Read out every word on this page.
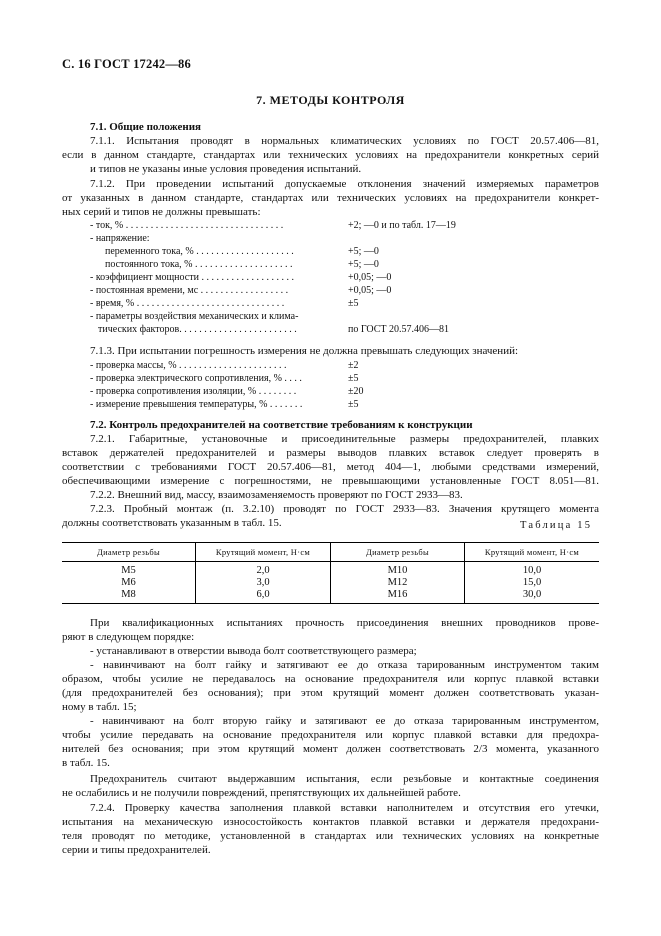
С. 16 ГОСТ 17242—86
7. МЕТОДЫ КОНТРОЛЯ
7.1. Общие положения
7.1.1. Испытания проводят в нормальных климатических условиях по ГОСТ 20.57.406—81,
если в данном стандарте, стандартах или технических условиях на предохранители конкретных серий
и типов не указаны иные условия проведения испытаний.
7.1.2. При проведении испытаний допускаемые отклонения значений измеряемых параметров
от указанных в данном стандарте, стандартах или технических условиях на предохранители конкрет-
ных серий и типов не должны превышать:
- ток, % . . . . . . . . . . . . . . . . . . . . . . . . . . . . . . . .	+2; —0 и по табл. 17—19
- напряжение:
переменного тока, % . . . . . . . . . . . . . . . . . . . .	+5; —0
постоянного тока, % . . . . . . . . . . . . . . . . . . . .	+5; —0
- коэффициент мощности . . . . . . . . . . . . . . . . . . .	+0,05; —0
- постоянная времени, мс . . . . . . . . . . . . . . . . . .	+0,05; —0
- время, % . . . . . . . . . . . . . . . . . . . . . . . . . . . . . .	±5
- параметры воздействия механических и клима-
тических факторов. . . . . . . . . . . . . . . . . . . . . . . .	по ГОСТ 20.57.406—81
7.1.3. При испытании погрешность измерения не должна превышать следующих значений:
- проверка массы, % . . . . . . . . . . . . . . . . . . . . . .	±2
- проверка электрического сопротивления, % . . . .	±5
- проверка сопротивления изоляции, % . . . . . . . .	±20
- измерение превышения температуры, % . . . . . . .	±5
7.2. Контроль предохранителей на соответствие требованиям к конструкции
7.2.1. Габаритные, установочные и присоединительные размеры предохранителей, плавких
вставок держателей предохранителей и размеры выводов плавких вставок следует проверять в
соответствии с требованиями ГОСТ 20.57.406—81, метод 404—1, любыми средствами измерений,
обеспечивающими измерение с погрешностями, не превышающими установленные ГОСТ 8.051—81.
7.2.2. Внешний вид, массу, взаимозаменяемость проверяют по ГОСТ 2933—83.
7.2.3. Пробный монтаж (п. 3.2.10) проводят по ГОСТ 2933—83. Значения крутящего момента
должны соответствовать указанным в табл. 15.	Таблица 15
Диаметр резьбы	Крутящий момент, Н·см	Диаметр резьбы	Крутящий момент, Н·см
M5	2,0	M10	10,0
M6	3,0	M12	15,0
M8	6,0	M16	30,0
При квалификационных испытаниях прочность присоединения внешних проводников прове-
ряют в следующем порядке:
- устанавливают в отверстии вывода болт соответствующего размера;
- навинчивают на болт гайку и затягивают ее до отказа тарированным инструментом таким
образом, чтобы усилие не передавалось на основание предохранителя или корпус плавкой вставки
(для предохранителей без основания); при этом крутящий момент должен соответствовать указан-
ному в табл. 15;
- навинчивают на болт вторую гайку и затягивают ее до отказа тарированным инструментом,
чтобы усилие передавать на основание предохранителя или корпус плавкой вставки для предохра-
нителей без основания; при этом крутящий момент должен соответствовать 2/3 момента, указанного
в табл. 15.
Предохранитель считают выдержавшим испытания, если резьбовые и контактные соединения
не ослабились и не получили повреждений, препятствующих их дальнейшей работе.
7.2.4. Проверку качества заполнения плавкой вставки наполнителем и отсутствия его утечки,
испытания на механическую износостойкость контактов плавкой вставки и держателя предохрани-
теля проводят по методике, установленной в стандартах или технических условиях на конкретные
серии и типы предохранителей.
